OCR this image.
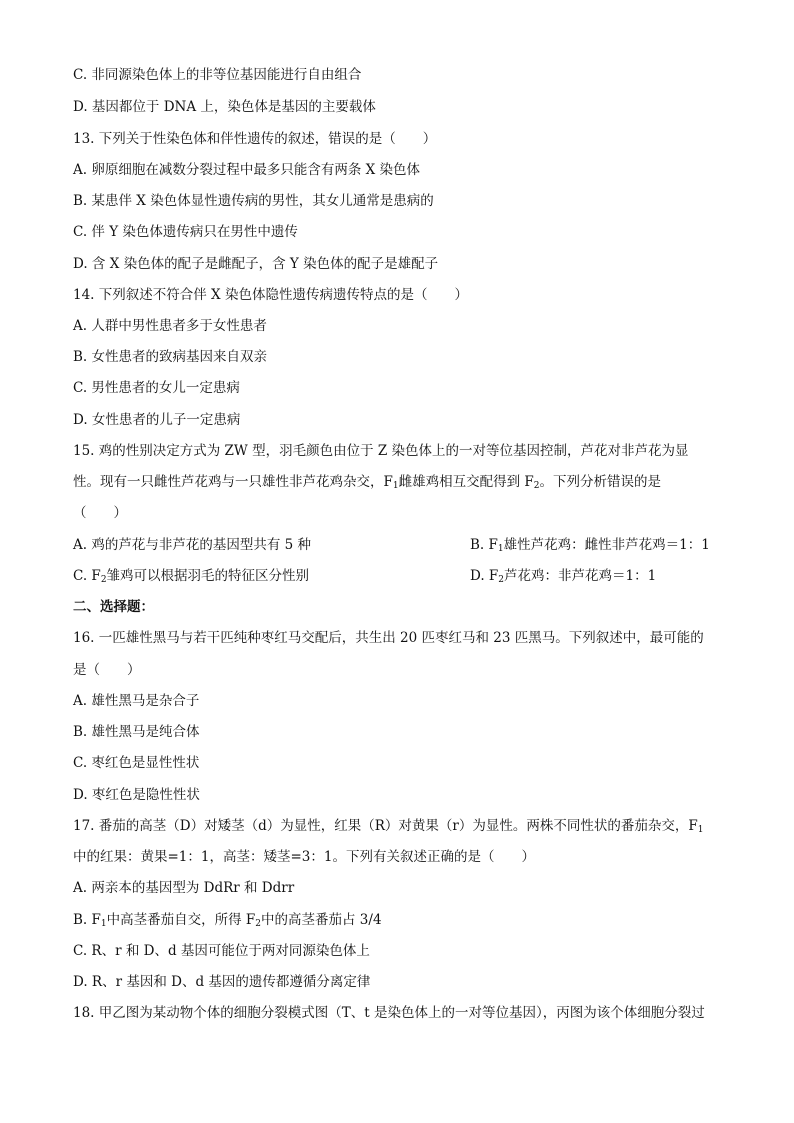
C. 非同源染色体上的非等位基因能进行自由组合
D. 基因都位于 DNA 上，染色体是基因的主要载体
13. 下列关于性染色体和伴性遗传的叙述，错误的是（　　）
A. 卵原细胞在减数分裂过程中最多只能含有两条 X 染色体
B. 某患伴 X 染色体显性遗传病的男性，其女儿通常是患病的
C. 伴 Y 染色体遗传病只在男性中遗传
D. 含 X 染色体的配子是雌配子，含 Y 染色体的配子是雄配子
14. 下列叙述不符合伴 X 染色体隐性遗传病遗传特点的是（　　）
A. 人群中男性患者多于女性患者
B. 女性患者的致病基因来自双亲
C. 男性患者的女儿一定患病
D. 女性患者的儿子一定患病
15. 鸡的性别决定方式为 ZW 型，羽毛颜色由位于 Z 染色体上的一对等位基因控制，芦花对非芦花为显
性。现有一只雌性芦花鸡与一只雄性非芦花鸡杂交，$F_1$雌雄鸡相互交配得到 $F_2$。下列分析错误的是
（　　）
A. 鸡的芦花与非芦花的基因型共有 5 种	B. $F_1$雄性芦花鸡：雌性非芦花鸡＝1：1
C. $F_2$雏鸡可以根据羽毛的特征区分性别	D. $F_2$芦花鸡：非芦花鸡＝1：1
二、选择题：
16. 一匹雄性黑马与若干匹纯种枣红马交配后，共生出 20 匹枣红马和 23 匹黑马。下列叙述中，最可能的
是（　　）
A. 雄性黑马是杂合子
B. 雄性黑马是纯合体
C. 枣红色是显性性状
D. 枣红色是隐性性状
17. 番茄的高茎（D）对矮茎（d）为显性，红果（R）对黄果（r）为显性。两株不同性状的番茄杂交，$F_1$
中的红果：黄果=1：1，高茎：矮茎=3：1。下列有关叙述正确的是（　　）
A. 两亲本的基因型为 DdRr 和 Ddrr
B. $F_1$中高茎番茄自交，所得 $F_2$中的高茎番茄占 3/4
C. R、r 和 D、d 基因可能位于两对同源染色体上
D. R、r 基因和 D、d 基因的遗传都遵循分离定律
18. 甲乙图为某动物个体的细胞分裂模式图（T、t 是染色体上的一对等位基因），丙图为该个体细胞分裂过
